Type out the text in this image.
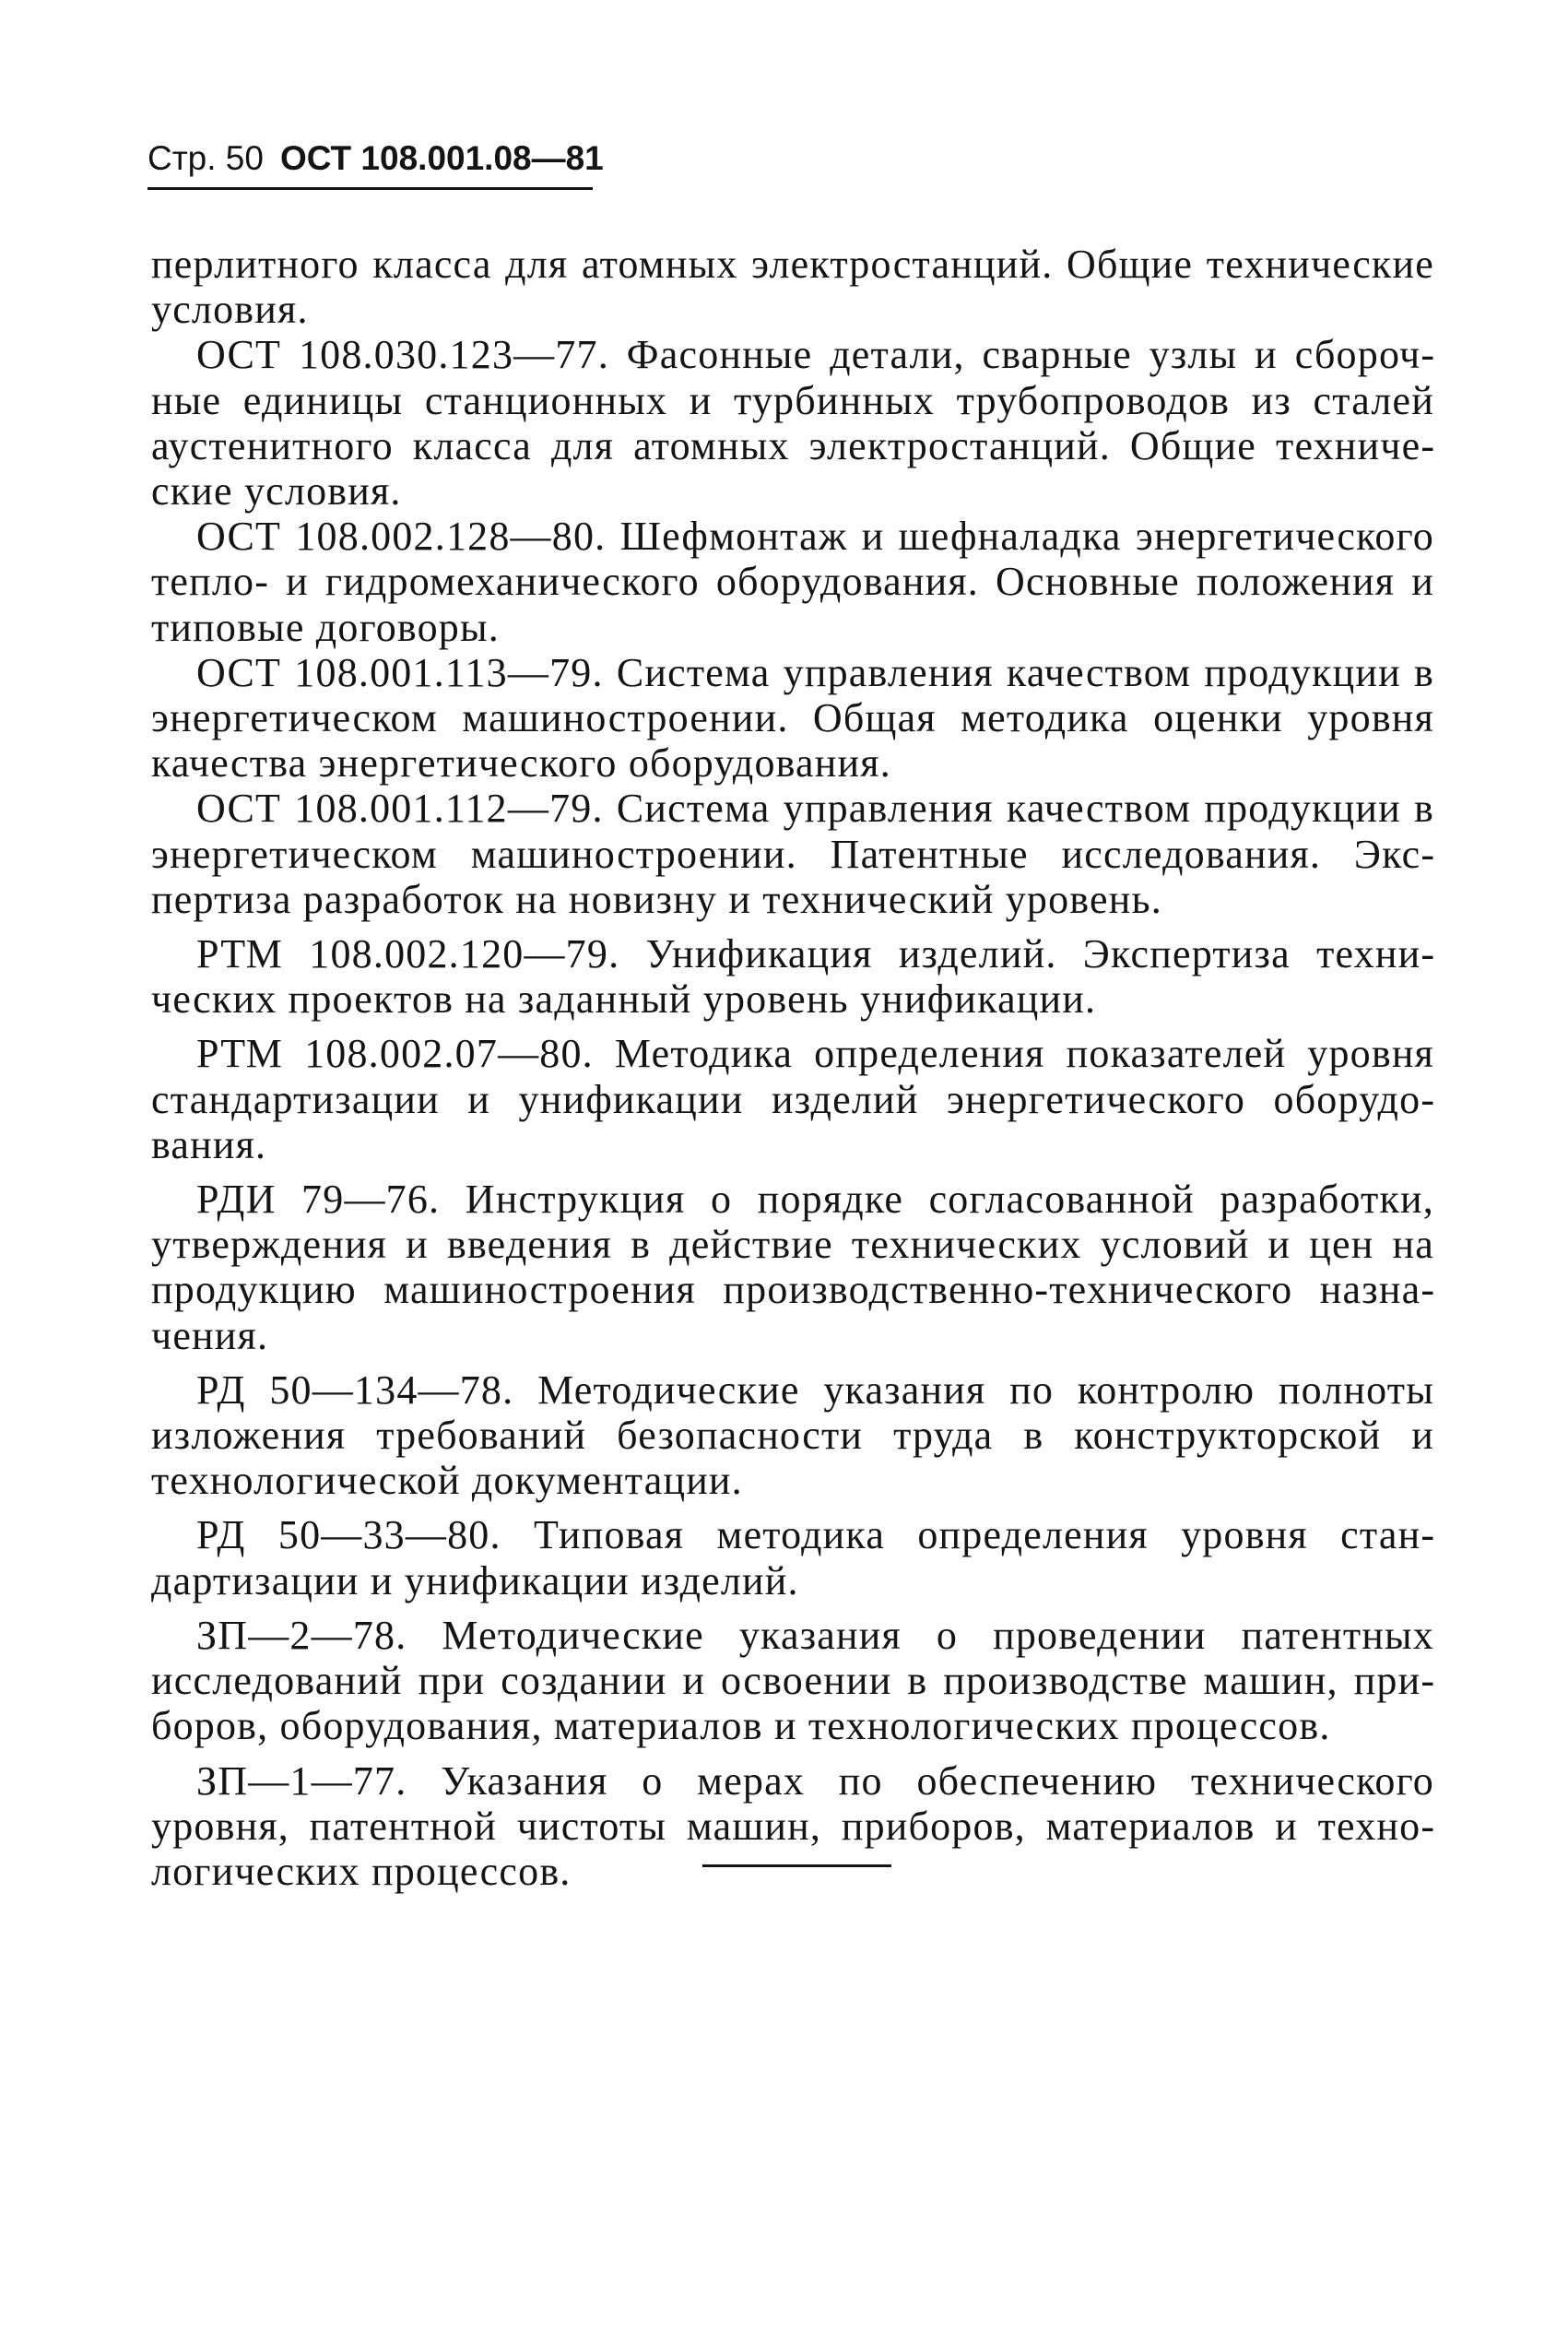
Стр. 50 ОСТ 108.001.08—81

перлитного класса для атомных электростанций. Общие технические условия.

ОСТ 108.030.123—77. Фасонные детали, сварные узлы и сборочные единицы станционных и турбинных трубопроводов из сталей аустенитного класса для атомных электростанций. Общие технические условия.

ОСТ 108.002.128—80. Шефмонтаж и шефналадка энергетического тепло- и гидромеханического оборудования. Основные положения и типовые договоры.

ОСТ 108.001.113—79. Система управления качеством продукции в энергетическом машиностроении. Общая методика оценки уровня качества энергетического оборудования.

ОСТ 108.001.112—79. Система управления качеством продукции в энергетическом машиностроении. Патентные исследования. Экспертиза разработок на новизну и технический уровень.

РТМ 108.002.120—79. Унификация изделий. Экспертиза технических проектов на заданный уровень унификации.

РТМ 108.002.07—80. Методика определения показателей уровня стандартизации и унификации изделий энергетического оборудования.

РДИ 79—76. Инструкция о порядке согласованной разработки, утверждения и введения в действие технических условий и цен на продукцию машиностроения производственно-технического назначения.

РД 50—134—78. Методические указания по контролю полноты изложения требований безопасности труда в конструкторской и технологической документации.

РД 50—33—80. Типовая методика определения уровня стандартизации и унификации изделий.

ЗП—2—78. Методические указания о проведении патентных исследований при создании и освоении в производстве машин, приборов, оборудования, материалов и технологических процессов.

ЗП—1—77. Указания о мерах по обеспечению технического уровня, патентной чистоты машин, приборов, материалов и технологических процессов.
